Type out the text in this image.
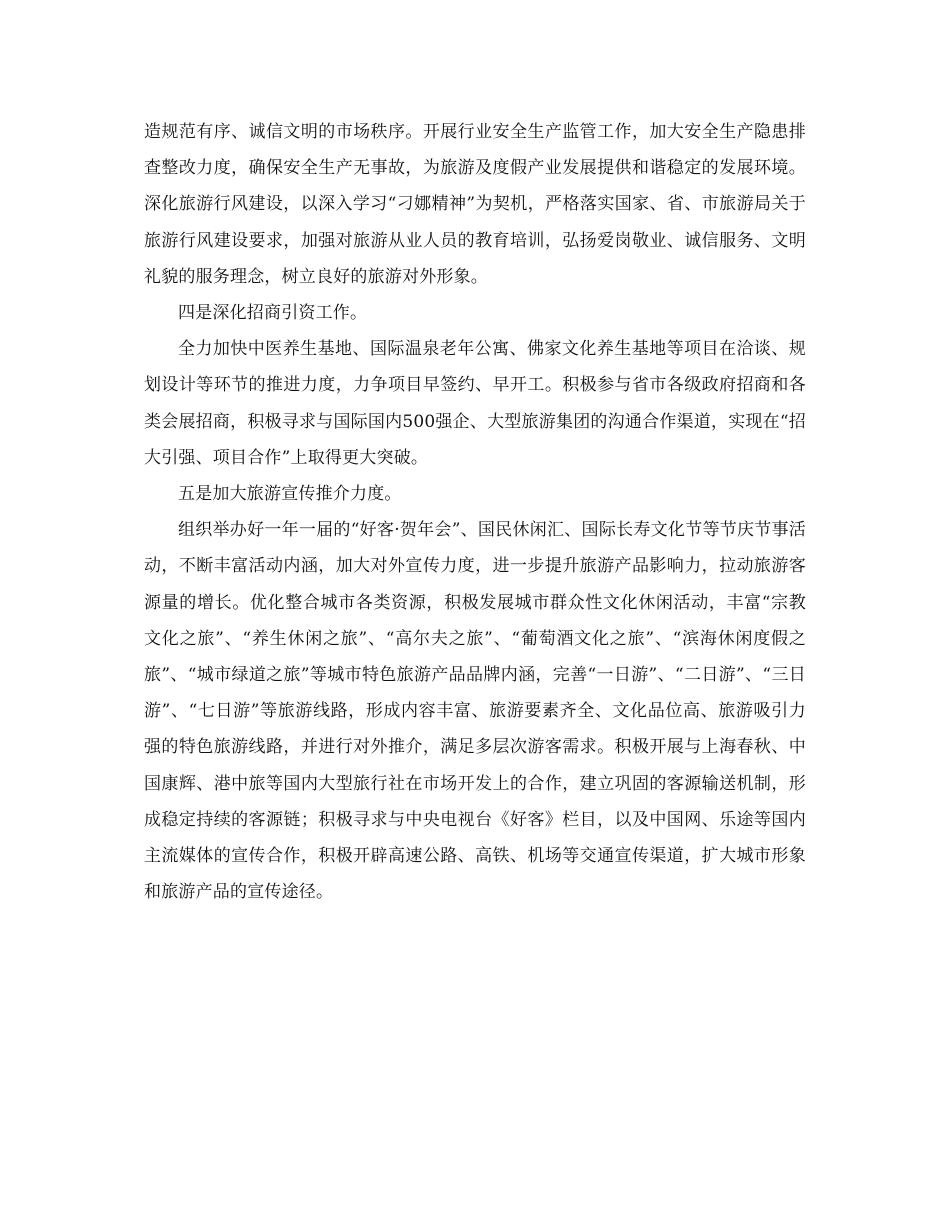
造规范有序、诚信文明的市场秩序。开展行业安全生产监管工作，加大安全生产隐患排查整改力度，确保安全生产无事故，为旅游及度假产业发展提供和谐稳定的发展环境。深化旅游行风建设，以深入学习“刁娜精神”为契机，严格落实国家、省、市旅游局关于旅游行风建设要求，加强对旅游从业人员的教育培训，弘扬爱岗敬业、诚信服务、文明礼貌的服务理念，树立良好的旅游对外形象。

四是深化招商引资工作。

全力加快中医养生基地、国际温泉老年公寓、佛家文化养生基地等项目在洽谈、规划设计等环节的推进力度，力争项目早签约、早开工。积极参与省市各级政府招商和各类会展招商，积极寻求与国际国内500强企、大型旅游集团的沟通合作渠道，实现在“招大引强、项目合作”上取得更大突破。

五是加大旅游宣传推介力度。

组织举办好一年一届的“好客·贺年会”、国民休闲汇、国际长寿文化节等节庆节事活动，不断丰富活动内涵，加大对外宣传力度，进一步提升旅游产品影响力，拉动旅游客源量的增长。优化整合城市各类资源，积极发展城市群众性文化休闲活动，丰富“宗教文化之旅”、“养生休闲之旅”、“高尔夫之旅”、“葡萄酒文化之旅”、“滨海休闲度假之旅”、“城市绿道之旅”等城市特色旅游产品品牌内涵，完善“一日游”、“二日游”、“三日游”、“七日游”等旅游线路，形成内容丰富、旅游要素齐全、文化品位高、旅游吸引力强的特色旅游线路，并进行对外推介，满足多层次游客需求。积极开展与上海春秋、中国康辉、港中旅等国内大型旅行社在市场开发上的合作，建立巩固的客源输送机制，形成稳定持续的客源链；积极寻求与中央电视台《好客》栏目，以及中国网、乐途等国内主流媒体的宣传合作，积极开辟高速公路、高铁、机场等交通宣传渠道，扩大城市形象和旅游产品的宣传途径。
